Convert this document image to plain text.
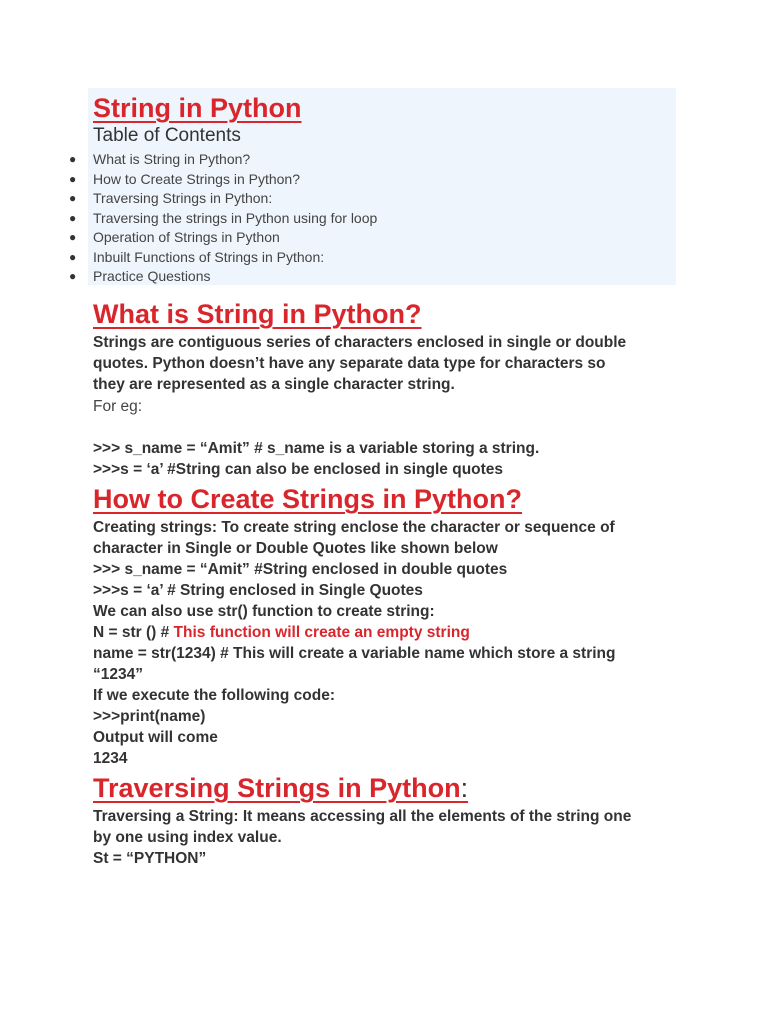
String in Python
Table of Contents
● What is String in Python?
● How to Create Strings in Python?
● Traversing Strings in Python:
● Traversing the strings in Python using for loop
● Operation of Strings in Python
● Inbuilt Functions of Strings in Python:
● Practice Questions
What is String in Python?

Strings are contiguous series of characters enclosed in single or double

quotes. Python doesn’t have any separate data type for characters so

they are represented as a single character string.

For eg:

>>> s_name = “Amit” # s_name is a variable storing a string.

>>>s = ‘a’ #String can also be enclosed in single quotes

How to Create Strings in Python?

Creating strings: To create string enclose the character or sequence of

character in Single or Double Quotes like shown below

>>> s_name = “Amit” #String enclosed in double quotes

>>>s = ‘a’ # String enclosed in Single Quotes

We can also use str() function to create string:

N = str () # This function will create an empty string

name = str(1234) # This will create a variable name which store a string

“1234”

If we execute the following code:

>>>print(name)

Output will come

1234

Traversing Strings in Python:

Traversing a String: It means accessing all the elements of the string one

by one using index value.

St = “PYTHON”
